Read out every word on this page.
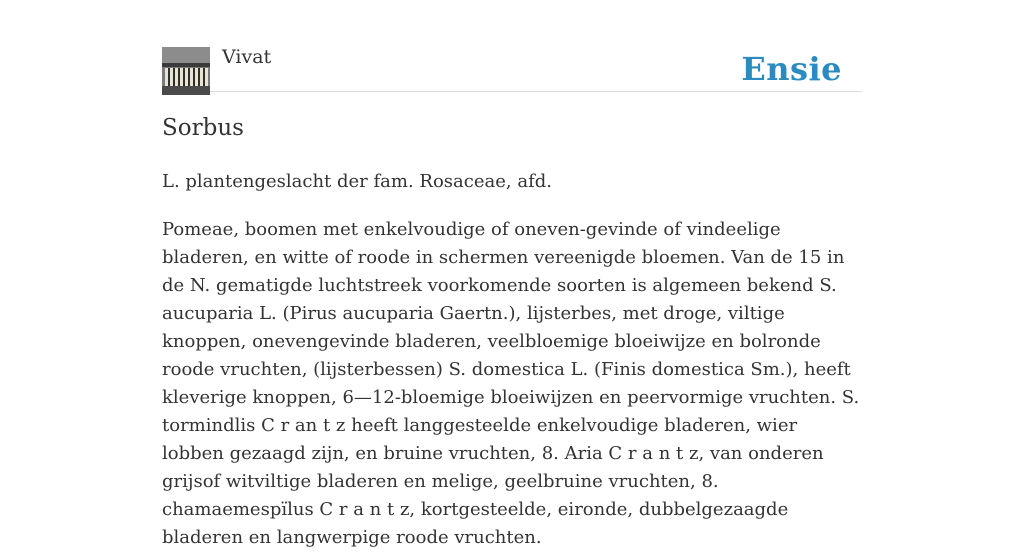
Vivat	Ensie
Sorbus

L. plantengeslacht der fam. Rosaceae, afd.

Pomeae, boomen met enkelvoudige of oneven-gevinde of vindeelige bladeren, en witte of roode in schermen vereenigde bloemen. Van de 15 in de N. gematigde luchtstreek voorkomende soorten is algemeen bekend S. aucuparia L. (Pirus aucuparia Gaertn.), lijsterbes, met droge, viltige knoppen, onevengevinde bladeren, veelbloemige bloeiwijze en bolronde roode vruchten, (lijsterbessen) S. domestica L. (Finis domestica Sm.), heeft kleverige knoppen, 6—12-bloemige bloeiwijzen en peervormige vruchten. S. tormindlis C r an t z heeft langgesteelde enkelvoudige bladeren, wier lobben gezaagd zijn, en bruine vruchten, 8. Aria C r a n t z, van onderen grijsof witviltige bladeren en melige, geelbruine vruchten, 8. chamaemespïlus C r a n t z, kortgesteelde, eironde, dubbelgezaagde bladeren en langwerpige roode vruchten.
